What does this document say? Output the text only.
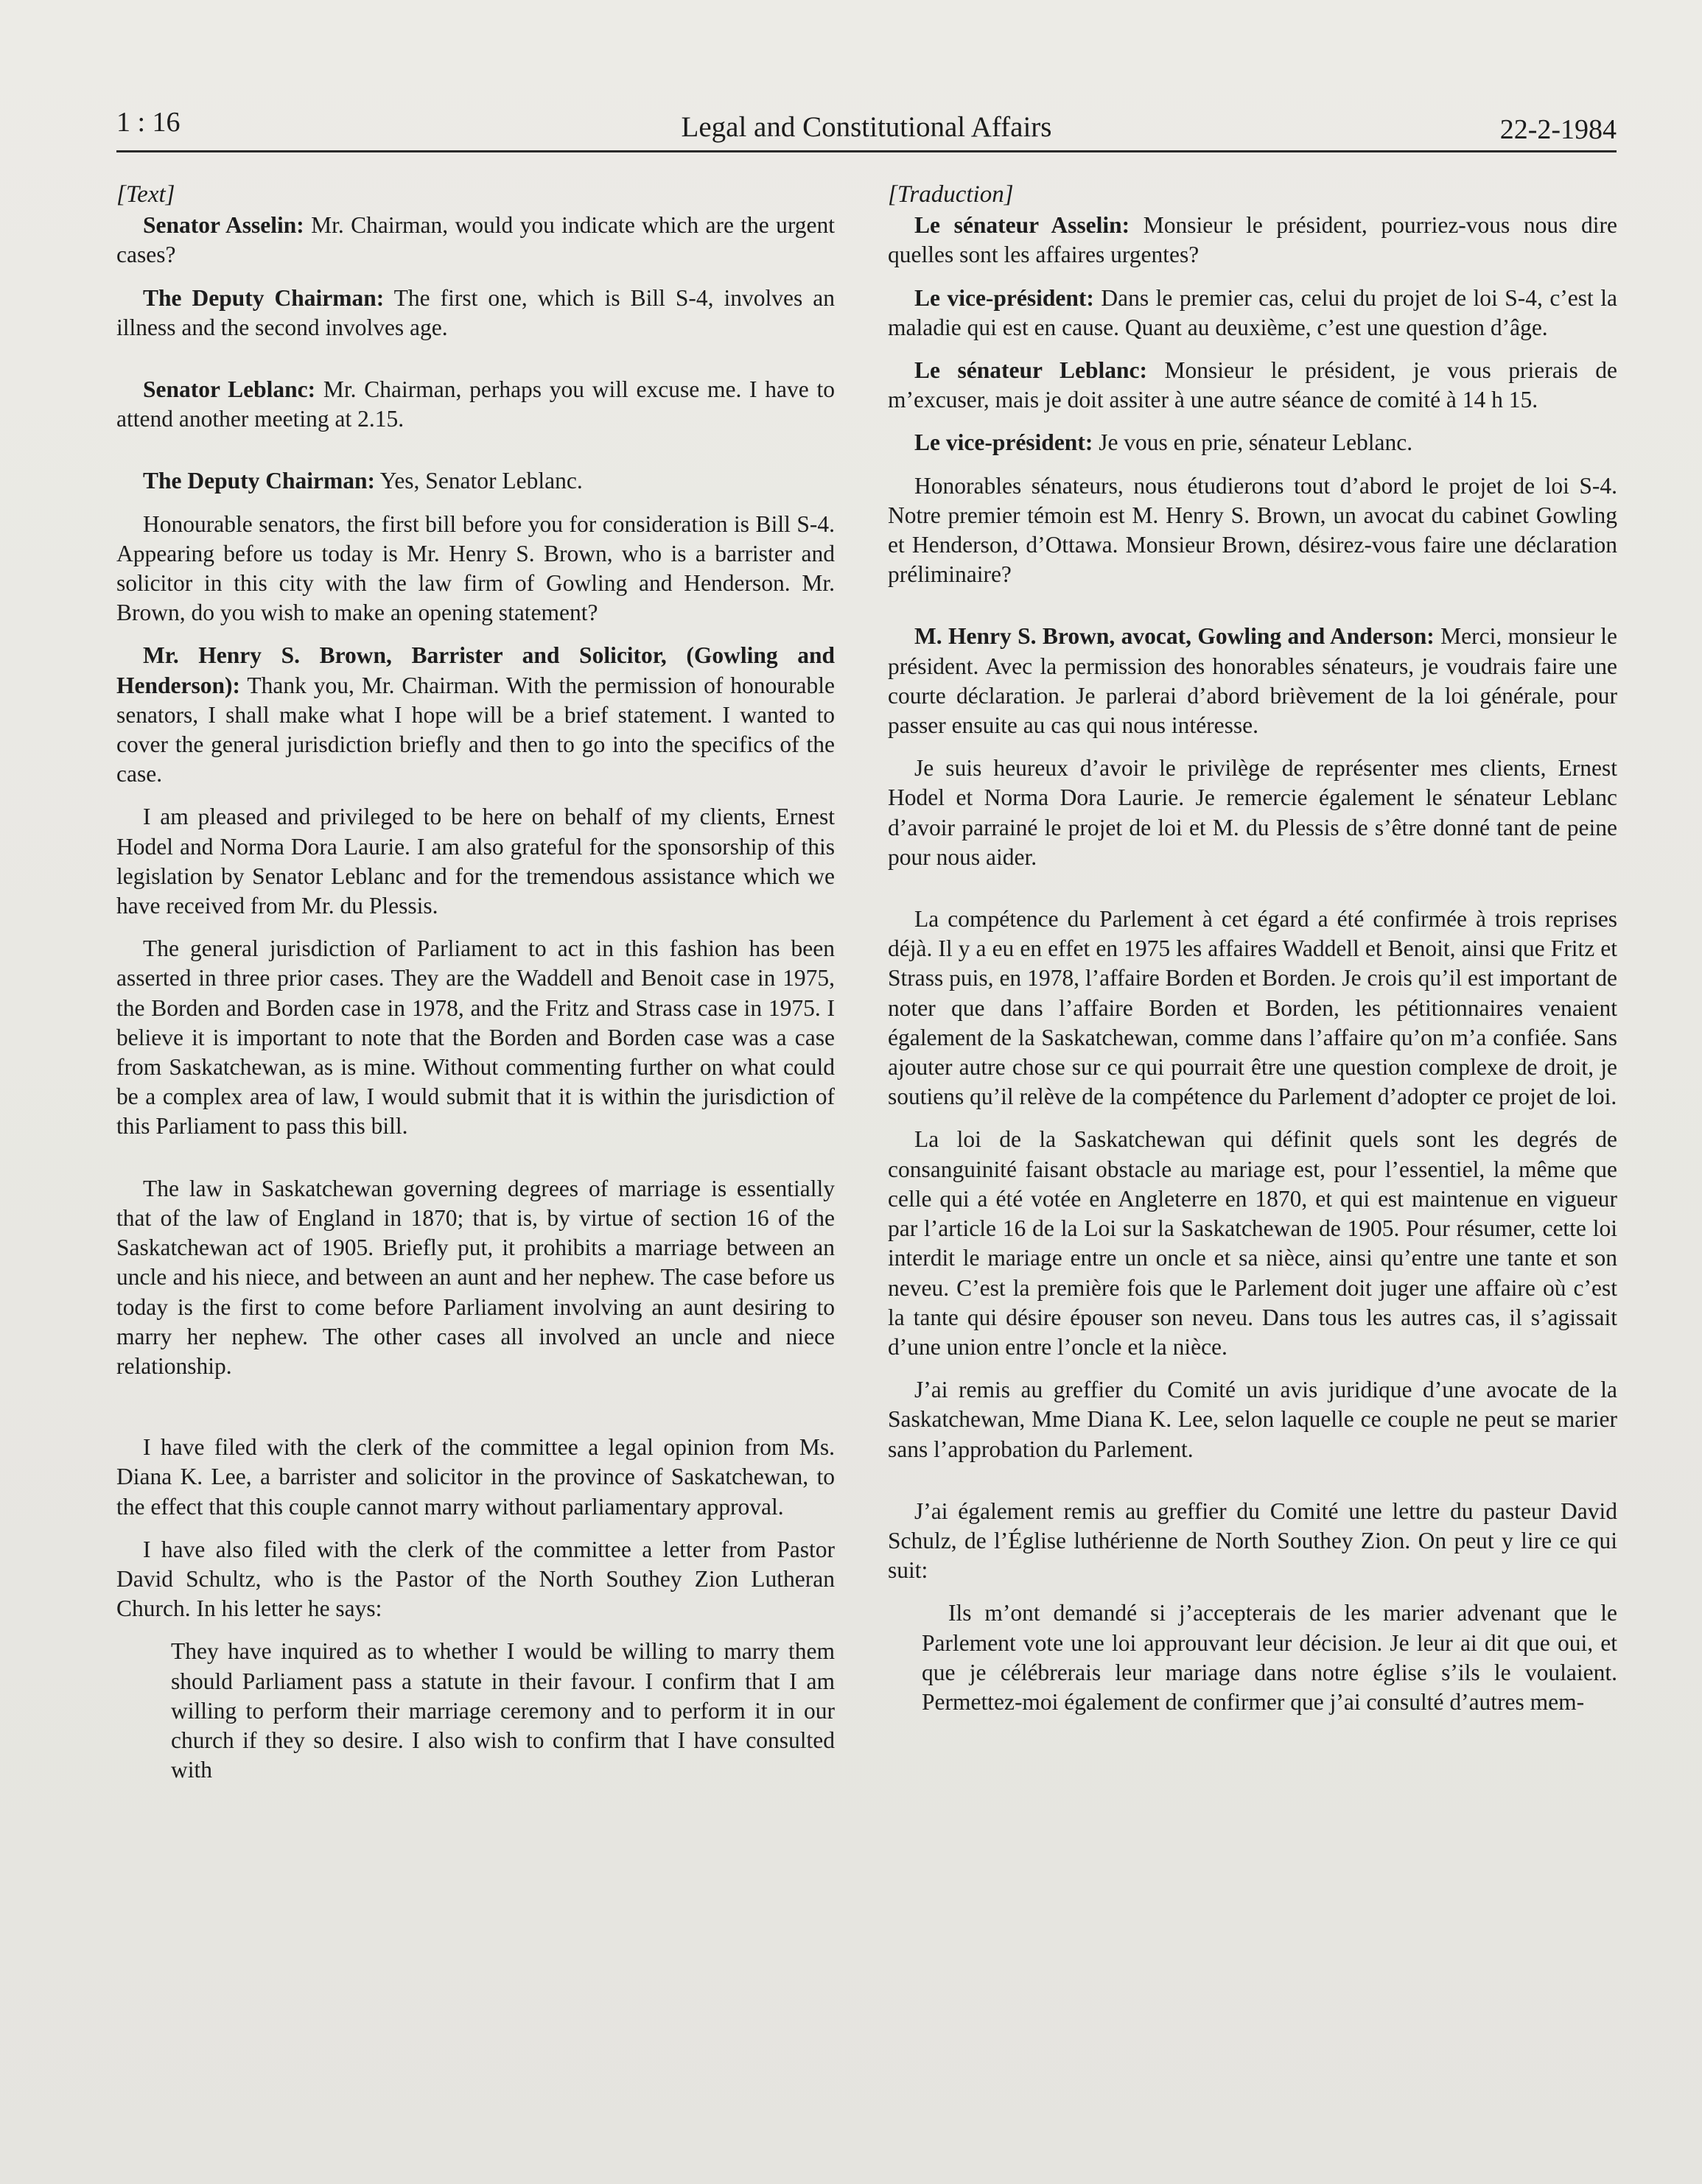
1 : 16	Legal and Constitutional Affairs	22-2-1984

[Text]

Senator Asselin: Mr. Chairman, would you indicate which are the urgent cases?

The Deputy Chairman: The first one, which is Bill S-4, involves an illness and the second involves age.

Senator Leblanc: Mr. Chairman, perhaps you will excuse me. I have to attend another meeting at 2.15.

The Deputy Chairman: Yes, Senator Leblanc.

Honourable senators, the first bill before you for consideration is Bill S-4. Appearing before us today is Mr. Henry S. Brown, who is a barrister and solicitor in this city with the law firm of Gowling and Henderson. Mr. Brown, do you wish to make an opening statement?

Mr. Henry S. Brown, Barrister and Solicitor, (Gowling and Henderson): Thank you, Mr. Chairman. With the permission of honourable senators, I shall make what I hope will be a brief statement. I wanted to cover the general jurisdiction briefly and then to go into the specifics of the case.

I am pleased and privileged to be here on behalf of my clients, Ernest Hodel and Norma Dora Laurie. I am also grateful for the sponsorship of this legislation by Senator Leblanc and for the tremendous assistance which we have received from Mr. du Plessis.

The general jurisdiction of Parliament to act in this fashion has been asserted in three prior cases. They are the Waddell and Benoit case in 1975, the Borden and Borden case in 1978, and the Fritz and Strass case in 1975. I believe it is important to note that the Borden and Borden case was a case from Saskatchewan, as is mine. Without commenting further on what could be a complex area of law, I would submit that it is within the jurisdiction of this Parliament to pass this bill.

The law in Saskatchewan governing degrees of marriage is essentially that of the law of England in 1870; that is, by virtue of section 16 of the Saskatchewan act of 1905. Briefly put, it prohibits a marriage between an uncle and his niece, and between an aunt and her nephew. The case before us today is the first to come before Parliament involving an aunt desiring to marry her nephew. The other cases all involved an uncle and niece relationship.

I have filed with the clerk of the committee a legal opinion from Ms. Diana K. Lee, a barrister and solicitor in the province of Saskatchewan, to the effect that this couple cannot marry without parliamentary approval.

I have also filed with the clerk of the committee a letter from Pastor David Schultz, who is the Pastor of the North Southey Zion Lutheran Church. In his letter he says:

They have inquired as to whether I would be willing to marry them should Parliament pass a statute in their favour. I confirm that I am willing to perform their marriage ceremony and to perform it in our church if they so desire. I also wish to confirm that I have consulted with

[Traduction]

Le sénateur Asselin: Monsieur le président, pourriez-vous nous dire quelles sont les affaires urgentes?

Le vice-président: Dans le premier cas, celui du projet de loi S-4, c’est la maladie qui est en cause. Quant au deuxième, c’est une question d’âge.

Le sénateur Leblanc: Monsieur le président, je vous prierais de m’excuser, mais je doit assiter à une autre séance de comité à 14 h 15.

Le vice-président: Je vous en prie, sénateur Leblanc.

Honorables sénateurs, nous étudierons tout d’abord le projet de loi S-4. Notre premier témoin est M. Henry S. Brown, un avocat du cabinet Gowling et Henderson, d’Ottawa. Monsieur Brown, désirez-vous faire une déclaration préliminaire?

M. Henry S. Brown, avocat, Gowling and Anderson: Merci, monsieur le président. Avec la permission des honorables sénateurs, je voudrais faire une courte déclaration. Je parlerai d’abord brièvement de la loi générale, pour passer ensuite au cas qui nous intéresse.

Je suis heureux d’avoir le privilège de représenter mes clients, Ernest Hodel et Norma Dora Laurie. Je remercie également le sénateur Leblanc d’avoir parrainé le projet de loi et M. du Plessis de s’être donné tant de peine pour nous aider.

La compétence du Parlement à cet égard a été confirmée à trois reprises déjà. Il y a eu en effet en 1975 les affaires Waddell et Benoit, ainsi que Fritz et Strass puis, en 1978, l’affaire Borden et Borden. Je crois qu’il est important de noter que dans l’affaire Borden et Borden, les pétitionnaires venaient également de la Saskatchewan, comme dans l’affaire qu’on m’a confiée. Sans ajouter autre chose sur ce qui pourrait être une question complexe de droit, je soutiens qu’il relève de la compétence du Parlement d’adopter ce projet de loi.

La loi de la Saskatchewan qui définit quels sont les degrés de consanguinité faisant obstacle au mariage est, pour l’essentiel, la même que celle qui a été votée en Angleterre en 1870, et qui est maintenue en vigueur par l’article 16 de la Loi sur la Saskatchewan de 1905. Pour résumer, cette loi interdit le mariage entre un oncle et sa nièce, ainsi qu’entre une tante et son neveu. C’est la première fois que le Parlement doit juger une affaire où c’est la tante qui désire épouser son neveu. Dans tous les autres cas, il s’agissait d’une union entre l’oncle et la nièce.

J’ai remis au greffier du Comité un avis juridique d’une avocate de la Saskatchewan, Mme Diana K. Lee, selon laquelle ce couple ne peut se marier sans l’approbation du Parlement.

J’ai également remis au greffier du Comité une lettre du pasteur David Schulz, de l’Église luthérienne de North Southey Zion. On peut y lire ce qui suit:

Ils m’ont demandé si j’accepterais de les marier advenant que le Parlement vote une loi approuvant leur décision. Je leur ai dit que oui, et que je célébrerais leur mariage dans notre église s’ils le voulaient. Permettez-moi également de confirmer que j’ai consulté d’autres mem-
